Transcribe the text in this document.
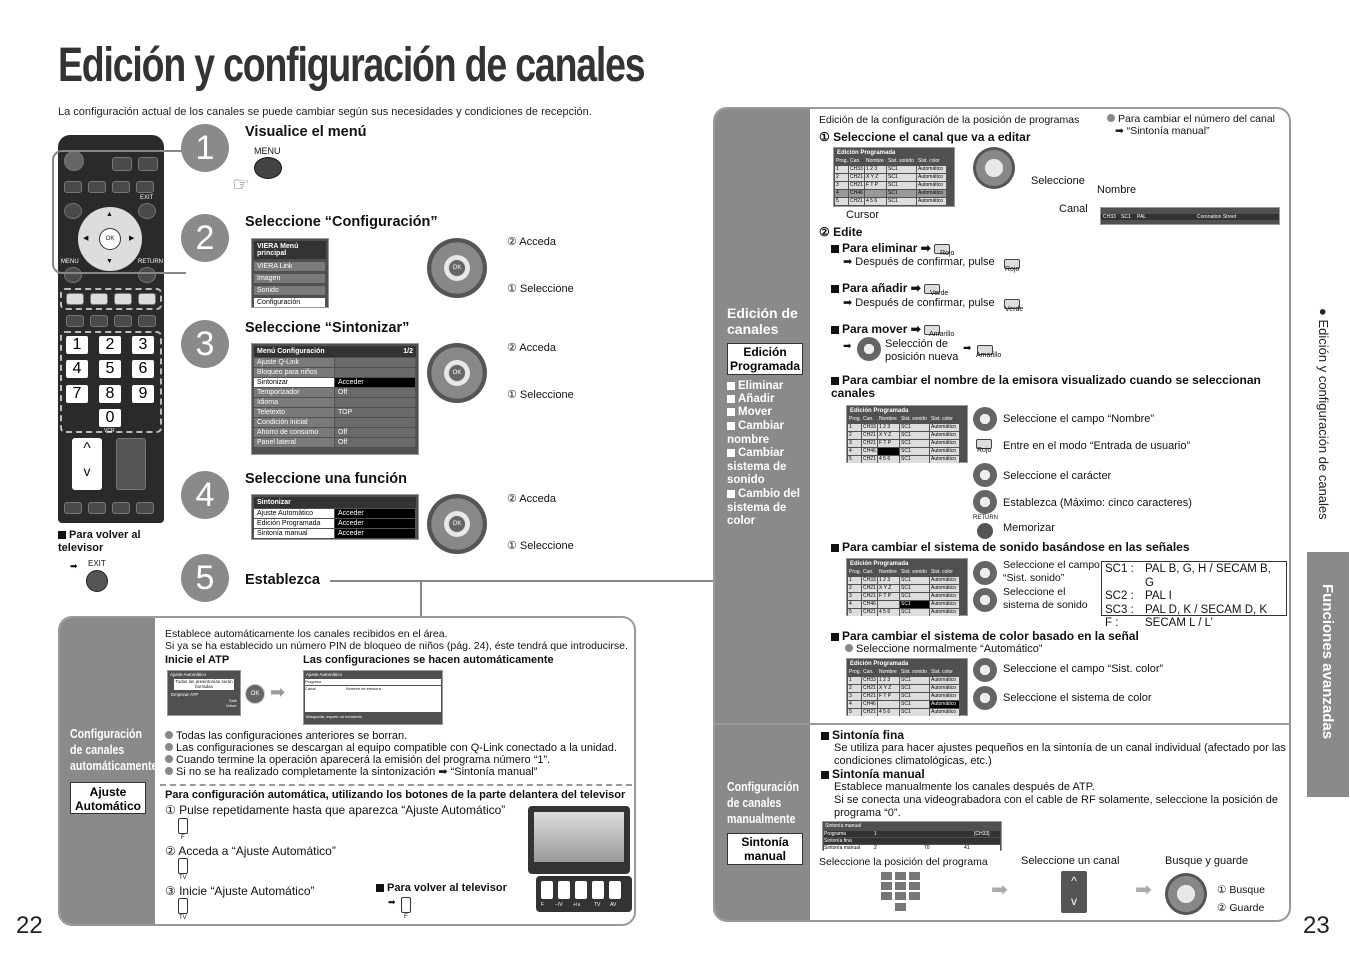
Edición y configuración de canales
La configuración actual de los canales se puede cambiar según sus necesidades y condiciones de recepción.
EXIT
OK
▲
▼
◀	▶
MENU	RETURN
1	2	3
4	5	6
7	8	9
0
VCR
^
v
Para volver al televisor
➡ EXIT
1
2
3
4
5
Visualice el menú
MENU
☞
Seleccione “Configuración”
VIERA Menú principal
VIERA Link
Imagen
Sonido
Configuración
OK
② Acceda
① Seleccione
Seleccione “Sintonizar”
Menú Configuración	1/2
Ajuste Q-Link
Bloqueo para niños
Sintonizar	Acceder
Temporizador	Off
Idioma
Teletexto	TOP
Condición inicial
Ahorro de consumo	Off
Panel lateral	Off
OK
② Acceda
① Seleccione
Seleccione una función
Sintonizar
Ajuste Automático	Acceder
Edición Programada	Acceder
Sintonía manual	Acceder
OK
② Acceda
① Seleccione
Establezca
Configuración de canales automáticamente
Ajuste Automático
Establece automáticamente los canales recibidos en el área.
Si ya se ha establecido un número PIN de bloqueo de niños (pág. 24), éste tendrá que introducirse.
Inicie el ATP	Las configuraciones se hacen automáticamente
Ajuste Automático
Todas las presintonías serán borradas
Empezar ATP
Salir
Volver
OK ➡
Ajuste Automático
Progreso
Canal	Nombre de emisora
Búsqueda, espere un momento
Todas las configuraciones anteriores se borran.
Las configuraciones se descargan al equipo compatible con Q-Link conectado a la unidad.
Cuando termine la operación aparecerá la emisión del programa número “1”.
Si no se ha realizado completamente la sintonización ➡ “Sintonía manual”
Para configuración automática, utilizando los botones de la parte delantera del televisor
① Pulse repetidamente hasta que aparezca “Ajuste Automático”
F
② Acceda a “Ajuste Automático”
TV
③ Inicie “Ajuste Automático”
TV
Para volver al televisor
➡
F
F −/V +/∧	TV AV
22	23
Edición de canales
Edición Programada
Eliminar
Añadir
Mover
Cambiar nombre
Cambiar sistema de sonido
Cambio del sistema de color
Configuración de canales manualmente
Sintonía manual
Edición de la configuración de la posición de programas	Para cambiar el número del canal
➡ “Sintonía manual”
① Seleccione el canal que va a editar
Edición Programada
Prog. Can.	Nombre Sist. sonido Sist. color
1	CH33 1 2 3	SC1	Automático
2	CH21 X Y Z	SC1	Automático
3	CH21 F T P	SC1	Automático
4	CH46	SC1	Automático
5	CH21 4 5 6	SC1	Automático
Cursor
Seleccione
Nombre
Canal
CH33	SC1	PAL	Coronation Street
② Edite
Para eliminar ➡ Rojo
➡ Después de confirmar, pulse
Rojo
Para añadir ➡ Verde
➡ Después de confirmar, pulse
Verde
Para mover ➡ Amarillo
➡	Selección de posición nueva
➡
Amarillo
Para cambiar el nombre de la emisora visualizado cuando se seleccionan canales
Edición Programada
Prog. Can.	Nombre Sist. sonido Sist. color
1	CH33 1 2 3	SC1	Automático
2	CH21 X Y Z	SC1	Automático
3	CH21 F T P	SC1	Automático
4	CH46	SC1	Automático
5	CH21 4 5 6	SC1	Automático
Seleccione el campo “Nombre”
Rojo Entre en el modo “Entrada de usuario”
Seleccione el carácter
Establezca (Máximo: cinco caracteres)
RETURN
Memorizar
Para cambiar el sistema de sonido basándose en las señales
Edición Programada
Prog. Can.	Nombre Sist. sonido Sist. color
1	CH33 1 2 3	SC1	Automático
2	CH21 X Y Z	SC1	Automático
3	CH21 F T P	SC1	Automático
4	CH46	SC1	Automático
5	CH21 4 5 6	SC1	Automático
Seleccione el campo “Sist. sonido”
Seleccione el sistema de sonido
SC1 : PAL B, G, H / SECAM B, G
SC2 : PAL I
SC3 : PAL D, K / SECAM D, K
F :	SECAM L / L’
Para cambiar el sistema de color basado en la señal
Seleccione normalmente “Automático”
Edición Programada
Prog. Can.	Nombre Sist. sonido Sist. color
1	CH33 1 2 3	SC1	Automático
2	CH21 X Y Z	SC1	Automático
3	CH21 F T P	SC1	Automático
4	CH46	SC1	Automático
5	CH21 4 5 6	SC1	Automático
Seleccione el campo “Sist. color”
Seleccione el sistema de color
Sintonía fina
Se utiliza para hacer ajustes pequeños en la sintonía de un canal individual (afectado por las condiciones climatológicas, etc.)
Sintonía manual
Establece manualmente los canales después de ATP.
Si se conecta una videograbadora con el cable de RF solamente, seleccione la posición de programa “0”.
Sintonía manual
Programa	1	[CH33]
Sintonía fina
Sintonía manual	2	70	41
Seleccione la posición del programa	Seleccione un canal	Busque y guarde
➡	^
v	➡	① Busque
② Guarde
● Edición y configuración de canales
Funciones avanzadas
